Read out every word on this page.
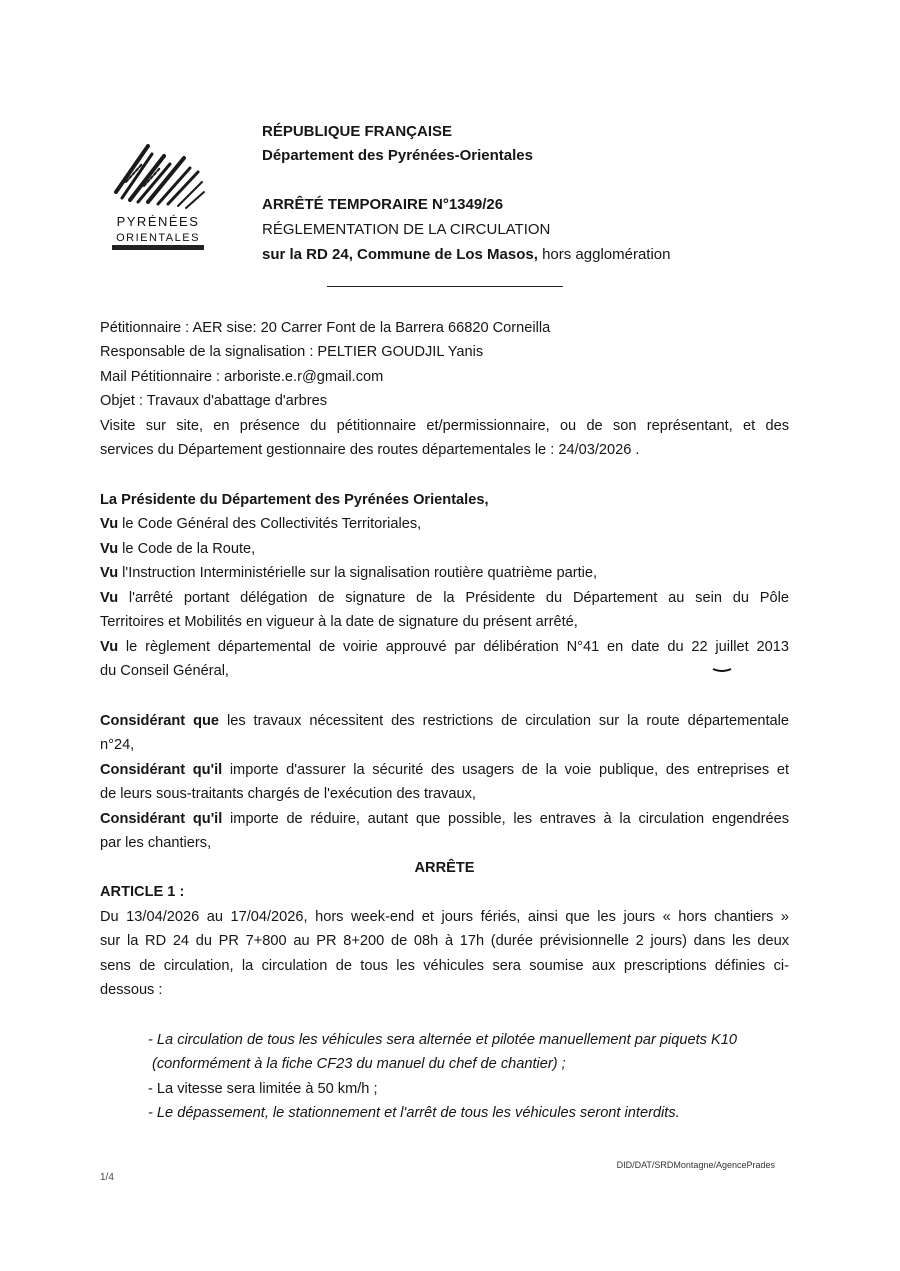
PYRÉNÉES
ORIENTALES
RÉPUBLIQUE FRANÇAISE
Département des Pyrénées-Orientales
ARRÊTÉ TEMPORAIRE N°1349/26
RÉGLEMENTATION DE LA CIRCULATION
sur la RD 24, Commune de Los Masos, hors agglomération
Pétitionnaire : AER sise: 20 Carrer Font de la Barrera 66820 Corneilla
Responsable de la signalisation : PELTIER GOUDJIL Yanis
Mail Pétitionnaire : arboriste.e.r@gmail.com
Objet : Travaux d'abattage d'arbres
Visite sur site, en présence du pétitionnaire et/permissionnaire, ou de son représentant, et des
services du Département gestionnaire des routes départementales le : 24/03/2026 .
La Présidente du Département des Pyrénées Orientales,
Vu le Code Général des Collectivités Territoriales,
Vu le Code de la Route,
Vu l'Instruction Interministérielle sur la signalisation routière quatrième partie,
Vu l'arrêté portant délégation de signature de la Présidente du Département au sein du Pôle
Territoires et Mobilités en vigueur à la date de signature du présent arrêté,
Vu le règlement départemental de voirie approuvé par délibération N°41 en date du 22 juillet 2013
du Conseil Général,
Considérant que les travaux nécessitent des restrictions de circulation sur la route départementale
n°24,
Considérant qu'il importe d'assurer la sécurité des usagers de la voie publique, des entreprises et
de leurs sous-traitants chargés de l'exécution des travaux,
Considérant qu'il importe de réduire, autant que possible, les entraves à la circulation engendrées
par les chantiers,
ARRÊTE
ARTICLE 1 :
Du 13/04/2026 au 17/04/2026, hors week-end et jours fériés, ainsi que les jours « hors chantiers »
sur la RD 24 du PR 7+800 au PR 8+200 de 08h à 17h (durée prévisionnelle 2 jours) dans les deux
sens de circulation, la circulation de tous les véhicules sera soumise aux prescriptions définies ci-
dessous :
- La circulation de tous les véhicules sera alternée et pilotée manuellement par piquets K10
(conformément à la fiche CF23 du manuel du chef de chantier) ;
- La vitesse sera limitée à 50 km/h ;
- Le dépassement, le stationnement et l'arrêt de tous les véhicules seront interdits.
DID/DAT/SRDMontagne/AgencePrades
1/4
